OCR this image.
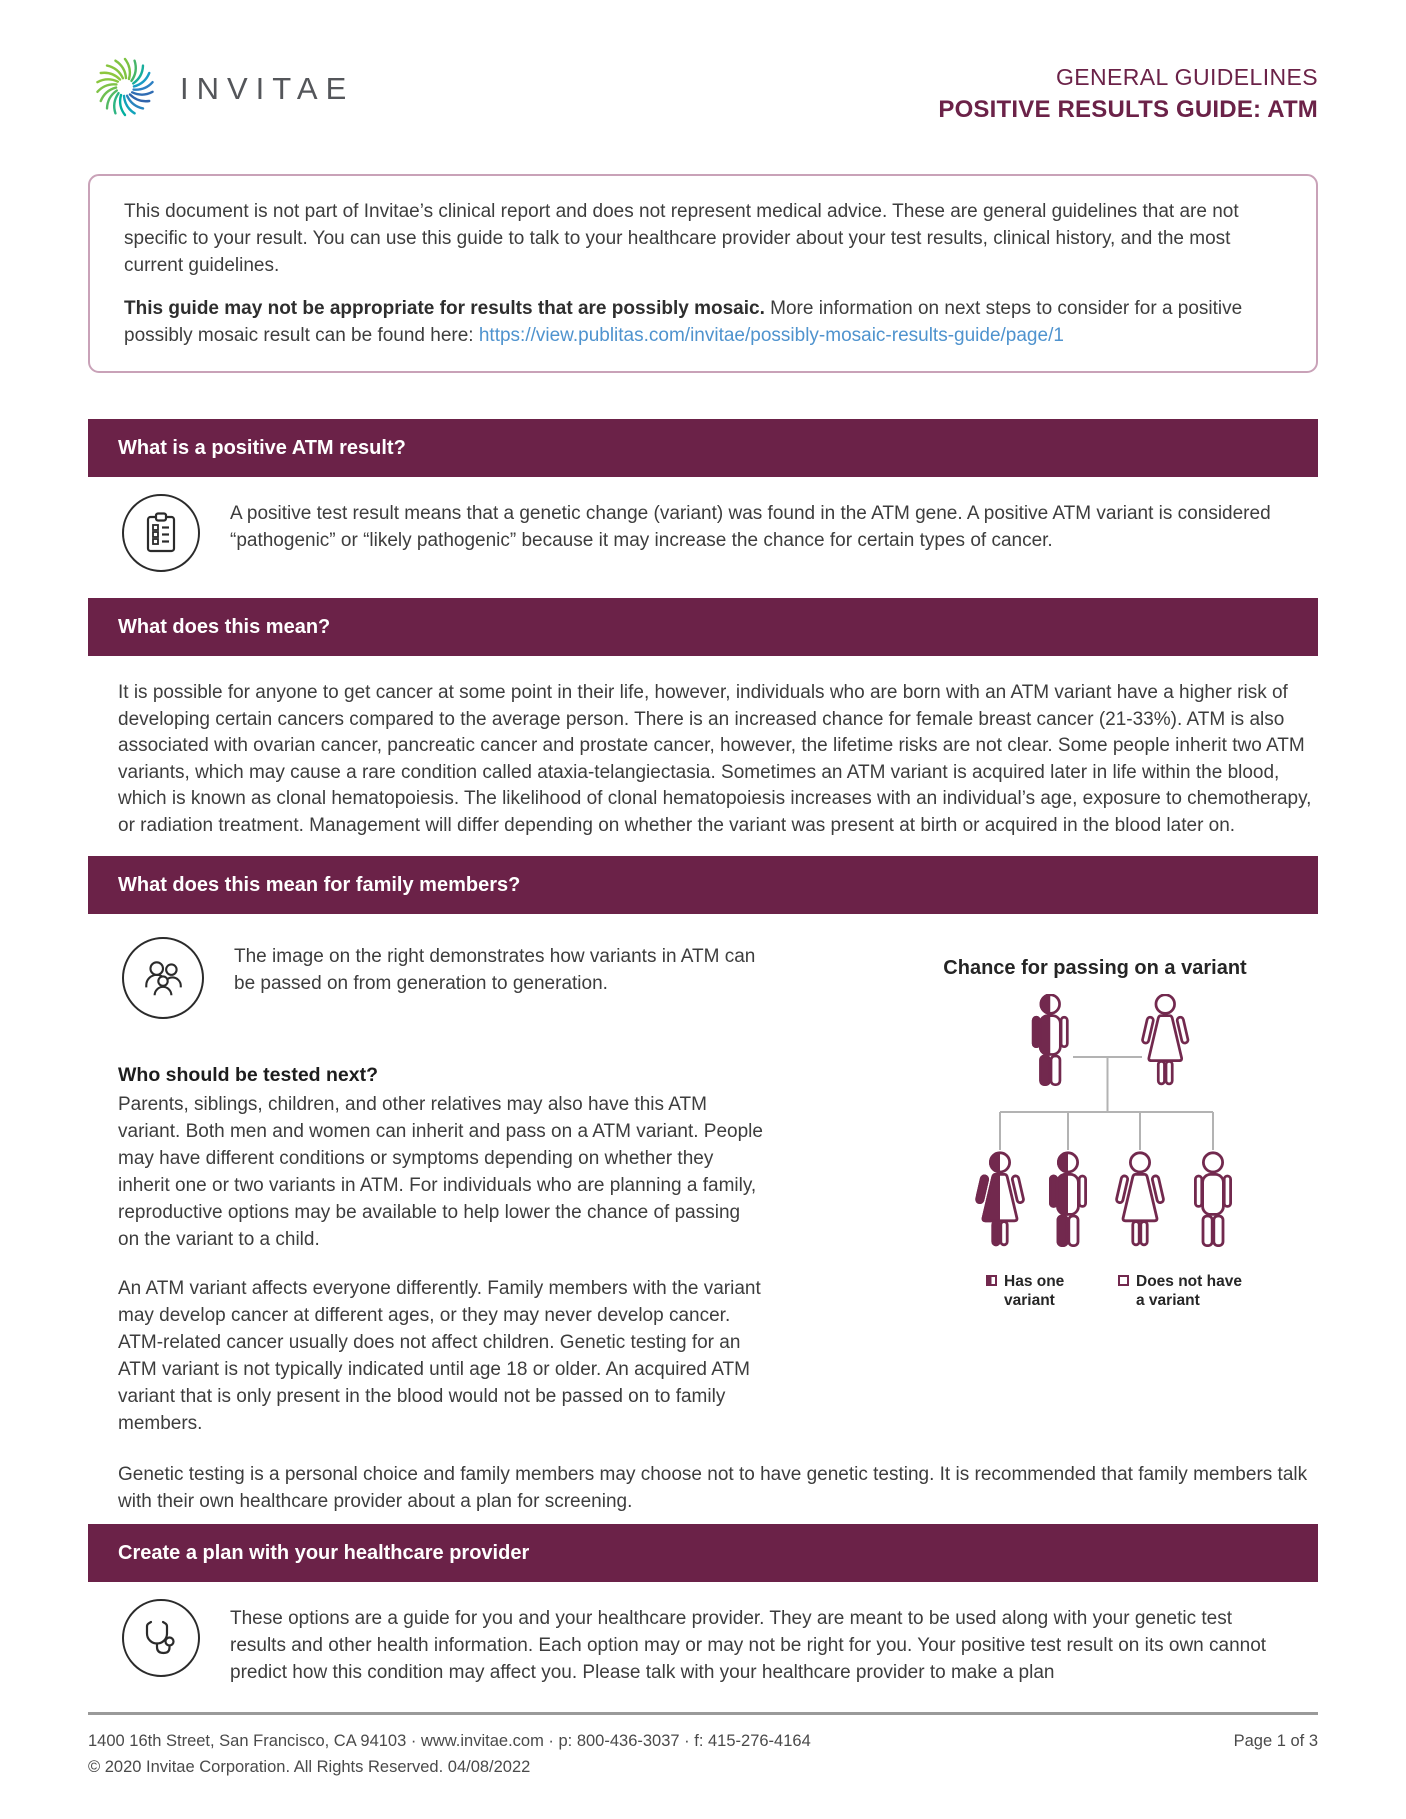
INVITAE	GENERAL GUIDELINES
POSITIVE RESULTS GUIDE: ATM

This document is not part of Invitae’s clinical report and does not represent medical advice. These are general guidelines that are not specific to your result. You can use this guide to talk to your healthcare provider about your test results, clinical history, and the most current guidelines.

This guide may not be appropriate for results that are possibly mosaic. More information on next steps to consider for a positive possibly mosaic result can be found here: https://view.publitas.com/invitae/possibly-mosaic-results-guide/page/1

What is a positive ATM result?
A positive test result means that a genetic change (variant) was found in the ATM gene. A positive ATM variant is considered “pathogenic” or “likely pathogenic” because it may increase the chance for certain types of cancer.
What does this mean?

It is possible for anyone to get cancer at some point in their life, however, individuals who are born with an ATM variant have a higher risk of developing certain cancers compared to the average person. There is an increased chance for female breast cancer (21-33%). ATM is also associated with ovarian cancer, pancreatic cancer and prostate cancer, however, the lifetime risks are not clear. Some people inherit two ATM variants, which may cause a rare condition called ataxia-telangiectasia. Sometimes an ATM variant is acquired later in life within the blood, which is known as clonal hematopoiesis. The likelihood of clonal hematopoiesis increases with an individual’s age, exposure to chemotherapy, or radiation treatment. Management will differ depending on whether the variant was present at birth or acquired in the blood later on.

What does this mean for family members?
The image on the right demonstrates how variants in ATM can be passed on from generation to generation.
Who should be tested next?

Parents, siblings, children, and other relatives may also have this ATM variant. Both men and women can inherit and pass on a ATM variant. People may have different conditions or symptoms depending on whether they inherit one or two variants in ATM. For individuals who are planning a family, reproductive options may be available to help lower the chance of passing on the variant to a child.

An ATM variant affects everyone differently. Family members with the variant may develop cancer at different ages, or they may never develop cancer. ATM-related cancer usually does not affect children. Genetic testing for an ATM variant is not typically indicated until age 18 or older. An acquired ATM variant that is only present in the blood would not be passed on to family members.

Chance for passing on a variant
Has one variant
Does not have a variant

Genetic testing is a personal choice and family members may choose not to have genetic testing. It is recommended that family members talk with their own healthcare provider about a plan for screening.

Create a plan with your healthcare provider
These options are a guide for you and your healthcare provider. They are meant to be used along with your genetic test results and other health information. Each option may or may not be right for you. Your positive test result on its own cannot predict how this condition may affect you. Please talk with your healthcare provider to make a plan
1400 16th Street, San Francisco, CA 94103 · www.invitae.com · p: 800-436-3037 · f: 415-276-4164	Page 1 of 3
© 2020 Invitae Corporation. All Rights Reserved. 04/08/2022
